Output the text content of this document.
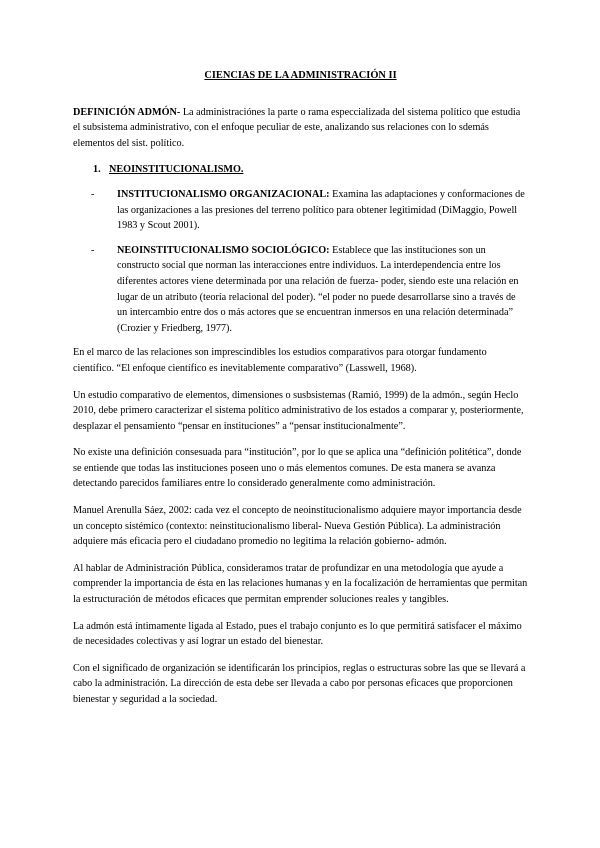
CIENCIAS DE LA ADMINISTRACIÓN II

DEFINICIÓN ADMÓN- La administraciónes la parte o rama especcializada del sistema político que estudia el subsistema administrativo, con el enfoque peculiar de este, analizando sus relaciones con lo sdemás elementos del sist. político.

1. NEOINSTITUCIONALISMO.
-	INSTITUCIONALISMO ORGANIZACIONAL: Examina las adaptaciones y conformaciones de las organizaciones a las presiones del terreno político para obtener legitimidad (DiMaggio, Powell 1983 y Scout 2001).
-	NEOINSTITUCIONALISMO SOCIOLÓGICO: Establece que las instituciones son un constructo social que norman las interacciones entre individuos. La interdependencia entre los diferentes actores viene determinada por una relación de fuerza- poder, siendo este una relación en lugar de un atributo (teoría relacional del poder). “el poder no puede desarrollarse sino a través de un intercambio entre dos o más actores que se encuentran inmersos en una relación determinada” (Crozier y Friedberg, 1977).

En el marco de las relaciones son imprescindibles los estudios comparativos para otorgar fundamento científico. “El enfoque científico es inevitablemente comparativo” (Lasswell, 1968).

Un estudio comparativo de elementos, dimensiones o susbsistemas (Ramió, 1999) de la admón., según Heclo 2010, debe primero caracterizar el sistema político administrativo de los estados a comparar y, posteriormente, desplazar el pensamiento “pensar en instituciones” a “pensar institucionalmente”.

No existe una definición consesuada para “institución”, por lo que se aplica una “definición politética”, donde se entiende que todas las instituciones poseen uno o más elementos comunes. De esta manera se avanza detectando parecidos familiares entre lo considerado generalmente como administración.

Manuel Arenulla Sáez, 2002: cada vez el concepto de neoinstitucionalismo adquiere mayor importancia desde un concepto sistémico (contexto: neinstitucionalismo liberal- Nueva Gestión Pública). La administración adquiere más eficacia pero el ciudadano promedio no legitima la relación gobierno- admón.

Al hablar de Administración Pública, consideramos tratar de profundizar en una metodología que ayude a comprender la importancia de ésta en las relaciones humanas y en la focalización de herramientas que permitan la estructuración de métodos eficaces que permitan emprender soluciones reales y tangibles.

La admón está íntimamente ligada al Estado, pues el trabajo conjunto es lo que permitirá satisfacer el máximo de necesidades colectivas y así lograr un estado del bienestar.

Con el significado de organización se identificarán los principios, reglas o estructuras sobre las que se llevará a cabo la administración. La dirección de esta debe ser llevada a cabo por personas eficaces que proporcionen bienestar y seguridad a la sociedad.
